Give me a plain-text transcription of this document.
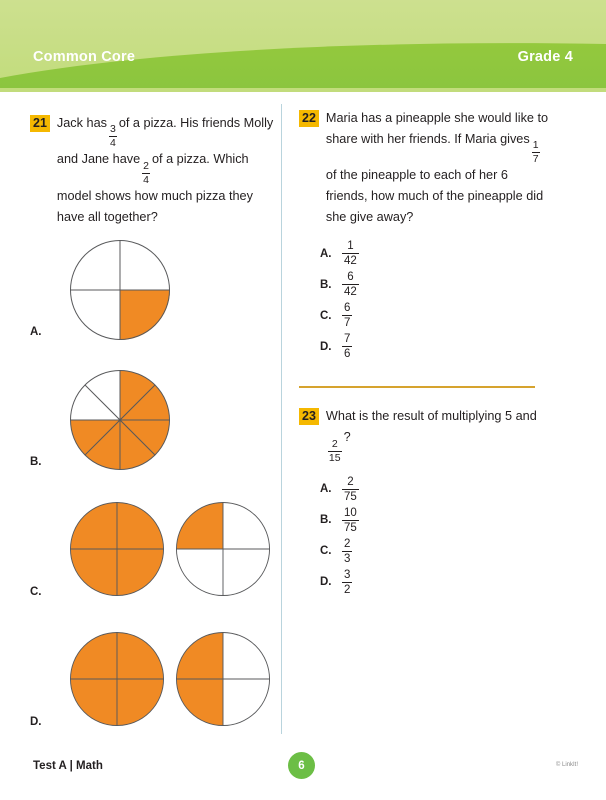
Common Core	Grade 4
21 Jack has
$\frac{3}{4}$
of a pizza. His friends Molly and Jane have
$\frac{2}{4}$
of a pizza. Which model shows how much pizza they have all together?
A.
B.
C.
D.
22 Maria has a pineapple she would like to share with her friends. If Maria gives
$\frac{1}{7}$
of the pineapple to each of her 6 friends, how much of the pineapple did she give away?
A. $\frac{1}{42}$
B. $\frac{6}{42}$
C. $\frac{6}{7}$
D. $\frac{7}{6}$
23 What is the result of multiplying 5 and
$\frac{2}{15}$
?
A. $\frac{2}{75}$
B. $\frac{10}{75}$
C. $\frac{2}{3}$
D. $\frac{3}{2}$
Test A | Math	6	© LinkIt!
